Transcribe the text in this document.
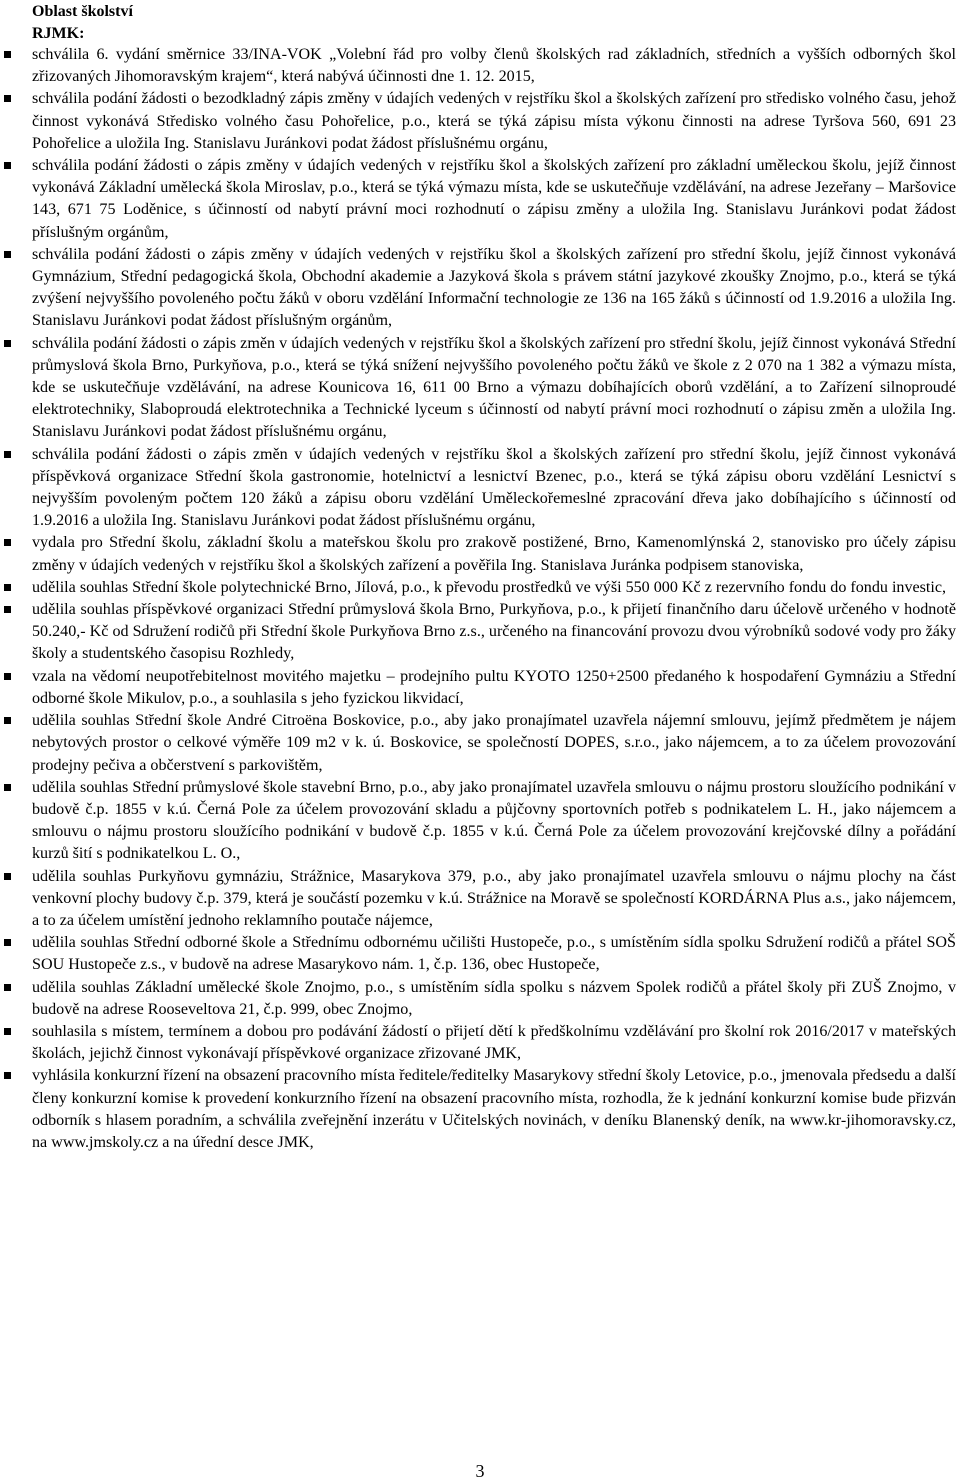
Oblast školství

RJMK:

schválila 6. vydání směrnice 33/INA-VOK „Volební řád pro volby členů školských rad základních, středních a vyšších odborných škol zřizovaných Jihomoravským krajem“, která nabývá účinnosti dne 1. 12. 2015,
schválila podání žádosti o bezodkladný zápis změny v údajích vedených v rejstříku škol a školských zařízení pro středisko volného času, jehož činnost vykonává Středisko volného času Pohořelice, p.o., která se týká zápisu místa výkonu činnosti na adrese Tyršova 560, 691 23 Pohořelice a uložila Ing. Stanislavu Juránkovi podat žádost příslušnému orgánu,
schválila podání žádosti o zápis změny v údajích vedených v rejstříku škol a školských zařízení pro základní uměleckou školu, jejíž činnost vykonává Základní umělecká škola Miroslav, p.o., která se týká výmazu místa, kde se uskutečňuje vzdělávání, na adrese Jezeřany – Maršovice 143, 671 75 Loděnice, s účinností od nabytí právní moci rozhodnutí o zápisu změny a uložila Ing. Stanislavu Juránkovi podat žádost příslušným orgánům,
schválila podání žádosti o zápis změny v údajích vedených v rejstříku škol a školských zařízení pro střední školu, jejíž činnost vykonává Gymnázium, Střední pedagogická škola, Obchodní akademie a Jazyková škola s právem státní jazykové zkoušky Znojmo, p.o., která se týká zvýšení nejvyššího povoleného počtu žáků v oboru vzdělání Informační technologie ze 136 na 165 žáků s účinností od 1.9.2016 a uložila Ing. Stanislavu Juránkovi podat žádost příslušným orgánům,
schválila podání žádosti o zápis změn v údajích vedených v rejstříku škol a školských zařízení pro střední školu, jejíž činnost vykonává Střední průmyslová škola Brno, Purkyňova, p.o., která se týká snížení nejvyššího povoleného počtu žáků ve škole z 2 070 na 1 382 a výmazu místa, kde se uskutečňuje vzdělávání, na adrese Kounicova 16, 611 00 Brno a výmazu dobíhajících oborů vzdělání, a to Zařízení silnoproudé elektrotechniky, Slaboproudá elektrotechnika a Technické lyceum s účinností od nabytí právní moci rozhodnutí o zápisu změn a uložila Ing. Stanislavu Juránkovi podat žádost příslušnému orgánu,
schválila podání žádosti o zápis změn v údajích vedených v rejstříku škol a školských zařízení pro střední školu, jejíž činnost vykonává příspěvková organizace Střední škola gastronomie, hotelnictví a lesnictví Bzenec, p.o., která se týká zápisu oboru vzdělání Lesnictví s nejvyšším povoleným počtem 120 žáků a zápisu oboru vzdělání Uměleckořemeslné zpracování dřeva jako dobíhajícího s účinností od 1.9.2016 a uložila Ing. Stanislavu Juránkovi podat žádost příslušnému orgánu,
vydala pro Střední školu, základní školu a mateřskou školu pro zrakově postižené, Brno, Kamenomlýnská 2, stanovisko pro účely zápisu změny v údajích vedených v rejstříku škol a školských zařízení a pověřila Ing. Stanislava Juránka podpisem stanoviska,
udělila souhlas Střední škole polytechnické Brno, Jílová, p.o., k převodu prostředků ve výši 550 000 Kč z rezervního fondu do fondu investic,
udělila souhlas příspěvkové organizaci Střední průmyslová škola Brno, Purkyňova, p.o., k přijetí finančního daru účelově určeného v hodnotě 50.240,- Kč od Sdružení rodičů při Střední škole Purkyňova Brno z.s., určeného na financování provozu dvou výrobníků sodové vody pro žáky školy a studentského časopisu Rozhledy,
vzala na vědomí neupotřebitelnost movitého majetku – prodejního pultu KYOTO 1250+2500 předaného k hospodaření Gymnáziu a Střední odborné škole Mikulov, p.o., a souhlasila s jeho fyzickou likvidací,
udělila souhlas Střední škole André Citroëna Boskovice, p.o., aby jako pronajímatel uzavřela nájemní smlouvu, jejímž předmětem je nájem nebytových prostor o celkové výměře 109 m2 v k. ú. Boskovice, se společností DOPES, s.r.o., jako nájemcem, a to za účelem provozování prodejny pečiva a občerstvení s parkovištěm,
udělila souhlas Střední průmyslové škole stavební Brno, p.o., aby jako pronajímatel uzavřela smlouvu o nájmu prostoru sloužícího podnikání v budově č.p. 1855 v k.ú. Černá Pole za účelem provozování skladu a půjčovny sportovních potřeb s podnikatelem L. H., jako nájemcem a smlouvu o nájmu prostoru sloužícího podnikání v budově č.p. 1855 v k.ú. Černá Pole za účelem provozování krejčovské dílny a pořádání kurzů šití s podnikatelkou L. O.,
udělila souhlas Purkyňovu gymnáziu, Strážnice, Masarykova 379, p.o., aby jako pronajímatel uzavřela smlouvu o nájmu plochy na část venkovní plochy budovy č.p. 379, která je součástí pozemku v k.ú. Strážnice na Moravě se společností KORDÁRNA Plus a.s., jako nájemcem, a to za účelem umístění jednoho reklamního poutače nájemce,
udělila souhlas Střední odborné škole a Střednímu odbornému učilišti Hustopeče, p.o., s umístěním sídla spolku Sdružení rodičů a přátel SOŠ SOU Hustopeče z.s., v budově na adrese Masarykovo nám. 1, č.p. 136, obec Hustopeče,
udělila souhlas Základní umělecké škole Znojmo, p.o., s umístěním sídla spolku s názvem Spolek rodičů a přátel školy při ZUŠ Znojmo, v budově na adrese Rooseveltova 21, č.p. 999, obec Znojmo,
souhlasila s místem, termínem a dobou pro podávání žádostí o přijetí dětí k předškolnímu vzdělávání pro školní rok 2016/2017 v mateřských školách, jejichž činnost vykonávají příspěvkové organizace zřizované JMK,
vyhlásila konkurzní řízení na obsazení pracovního místa ředitele/ředitelky Masarykovy střední školy Letovice, p.o., jmenovala předsedu a další členy konkurzní komise k provedení konkurzního řízení na obsazení pracovního místa, rozhodla, že k jednání konkurzní komise bude přizván odborník s hlasem poradním, a schválila zveřejnění inzerátu v Učitelských novinách, v deníku Blanenský deník, na www.kr-jihomoravsky.cz, na www.jmskoly.cz a na úřední desce JMK,
3
